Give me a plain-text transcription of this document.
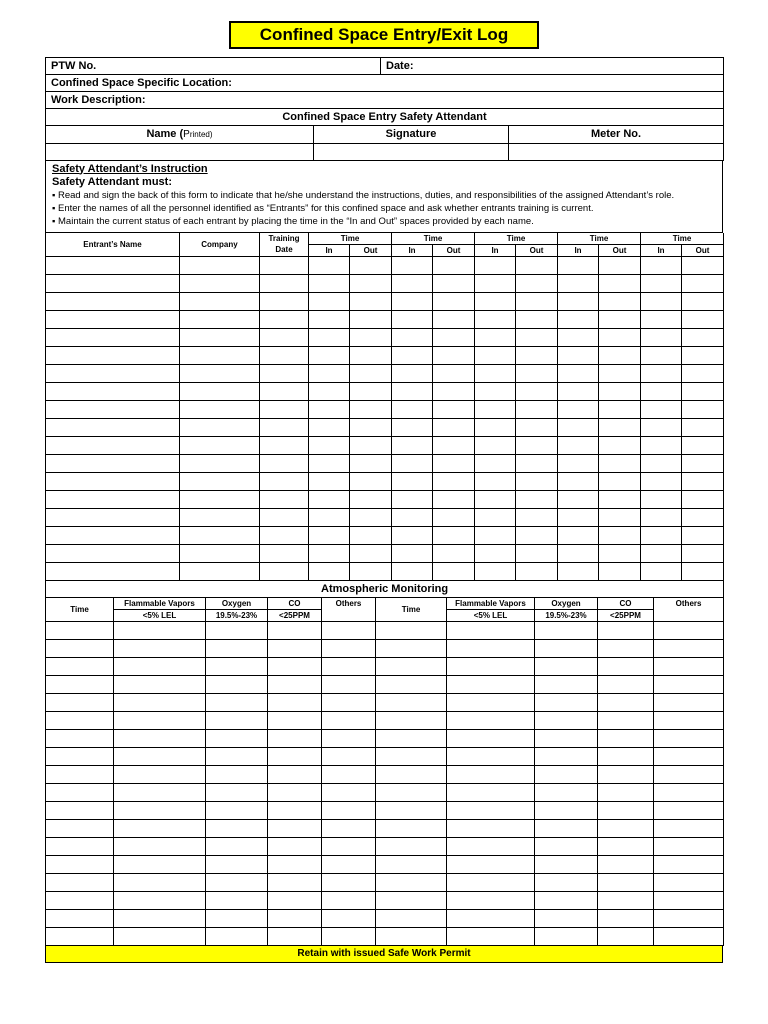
Confined Space Entry/Exit Log
PTW No.	Date:
Confined Space Specific Location:
Work Description:
Confined Space Entry Safety Attendant
Name (Printed)	Signature	Meter No.

Safety Attendant’s Instruction
Safety Attendant must:
▪ Read and sign the back of this form to indicate that he/she understand the instructions, duties, and responsibilities of the assigned Attendant’s role.
▪ Enter the names of all the personnel identified as “Entrants” for this confined space and ask whether entrants training is current.
▪ Maintain the current status of each entrant by placing the time in the “In and Out” spaces provided by each name.
Entrant’s Name	Company	Training
Date	Time		Time		Time		Time		Time	
			In	Out	In	Out	In	Out	In	Out	In	Out

Atmospheric Monitoring									
Time	Flammable Vapors	Oxygen	CO	Others	Time	Flammable Vapors	Oxygen	CO	Others
	<5% LEL	19.5%-23%	<25PPM			<5% LEL	19.5%-23%	<25PPM	

Retain with issued Safe Work Permit
